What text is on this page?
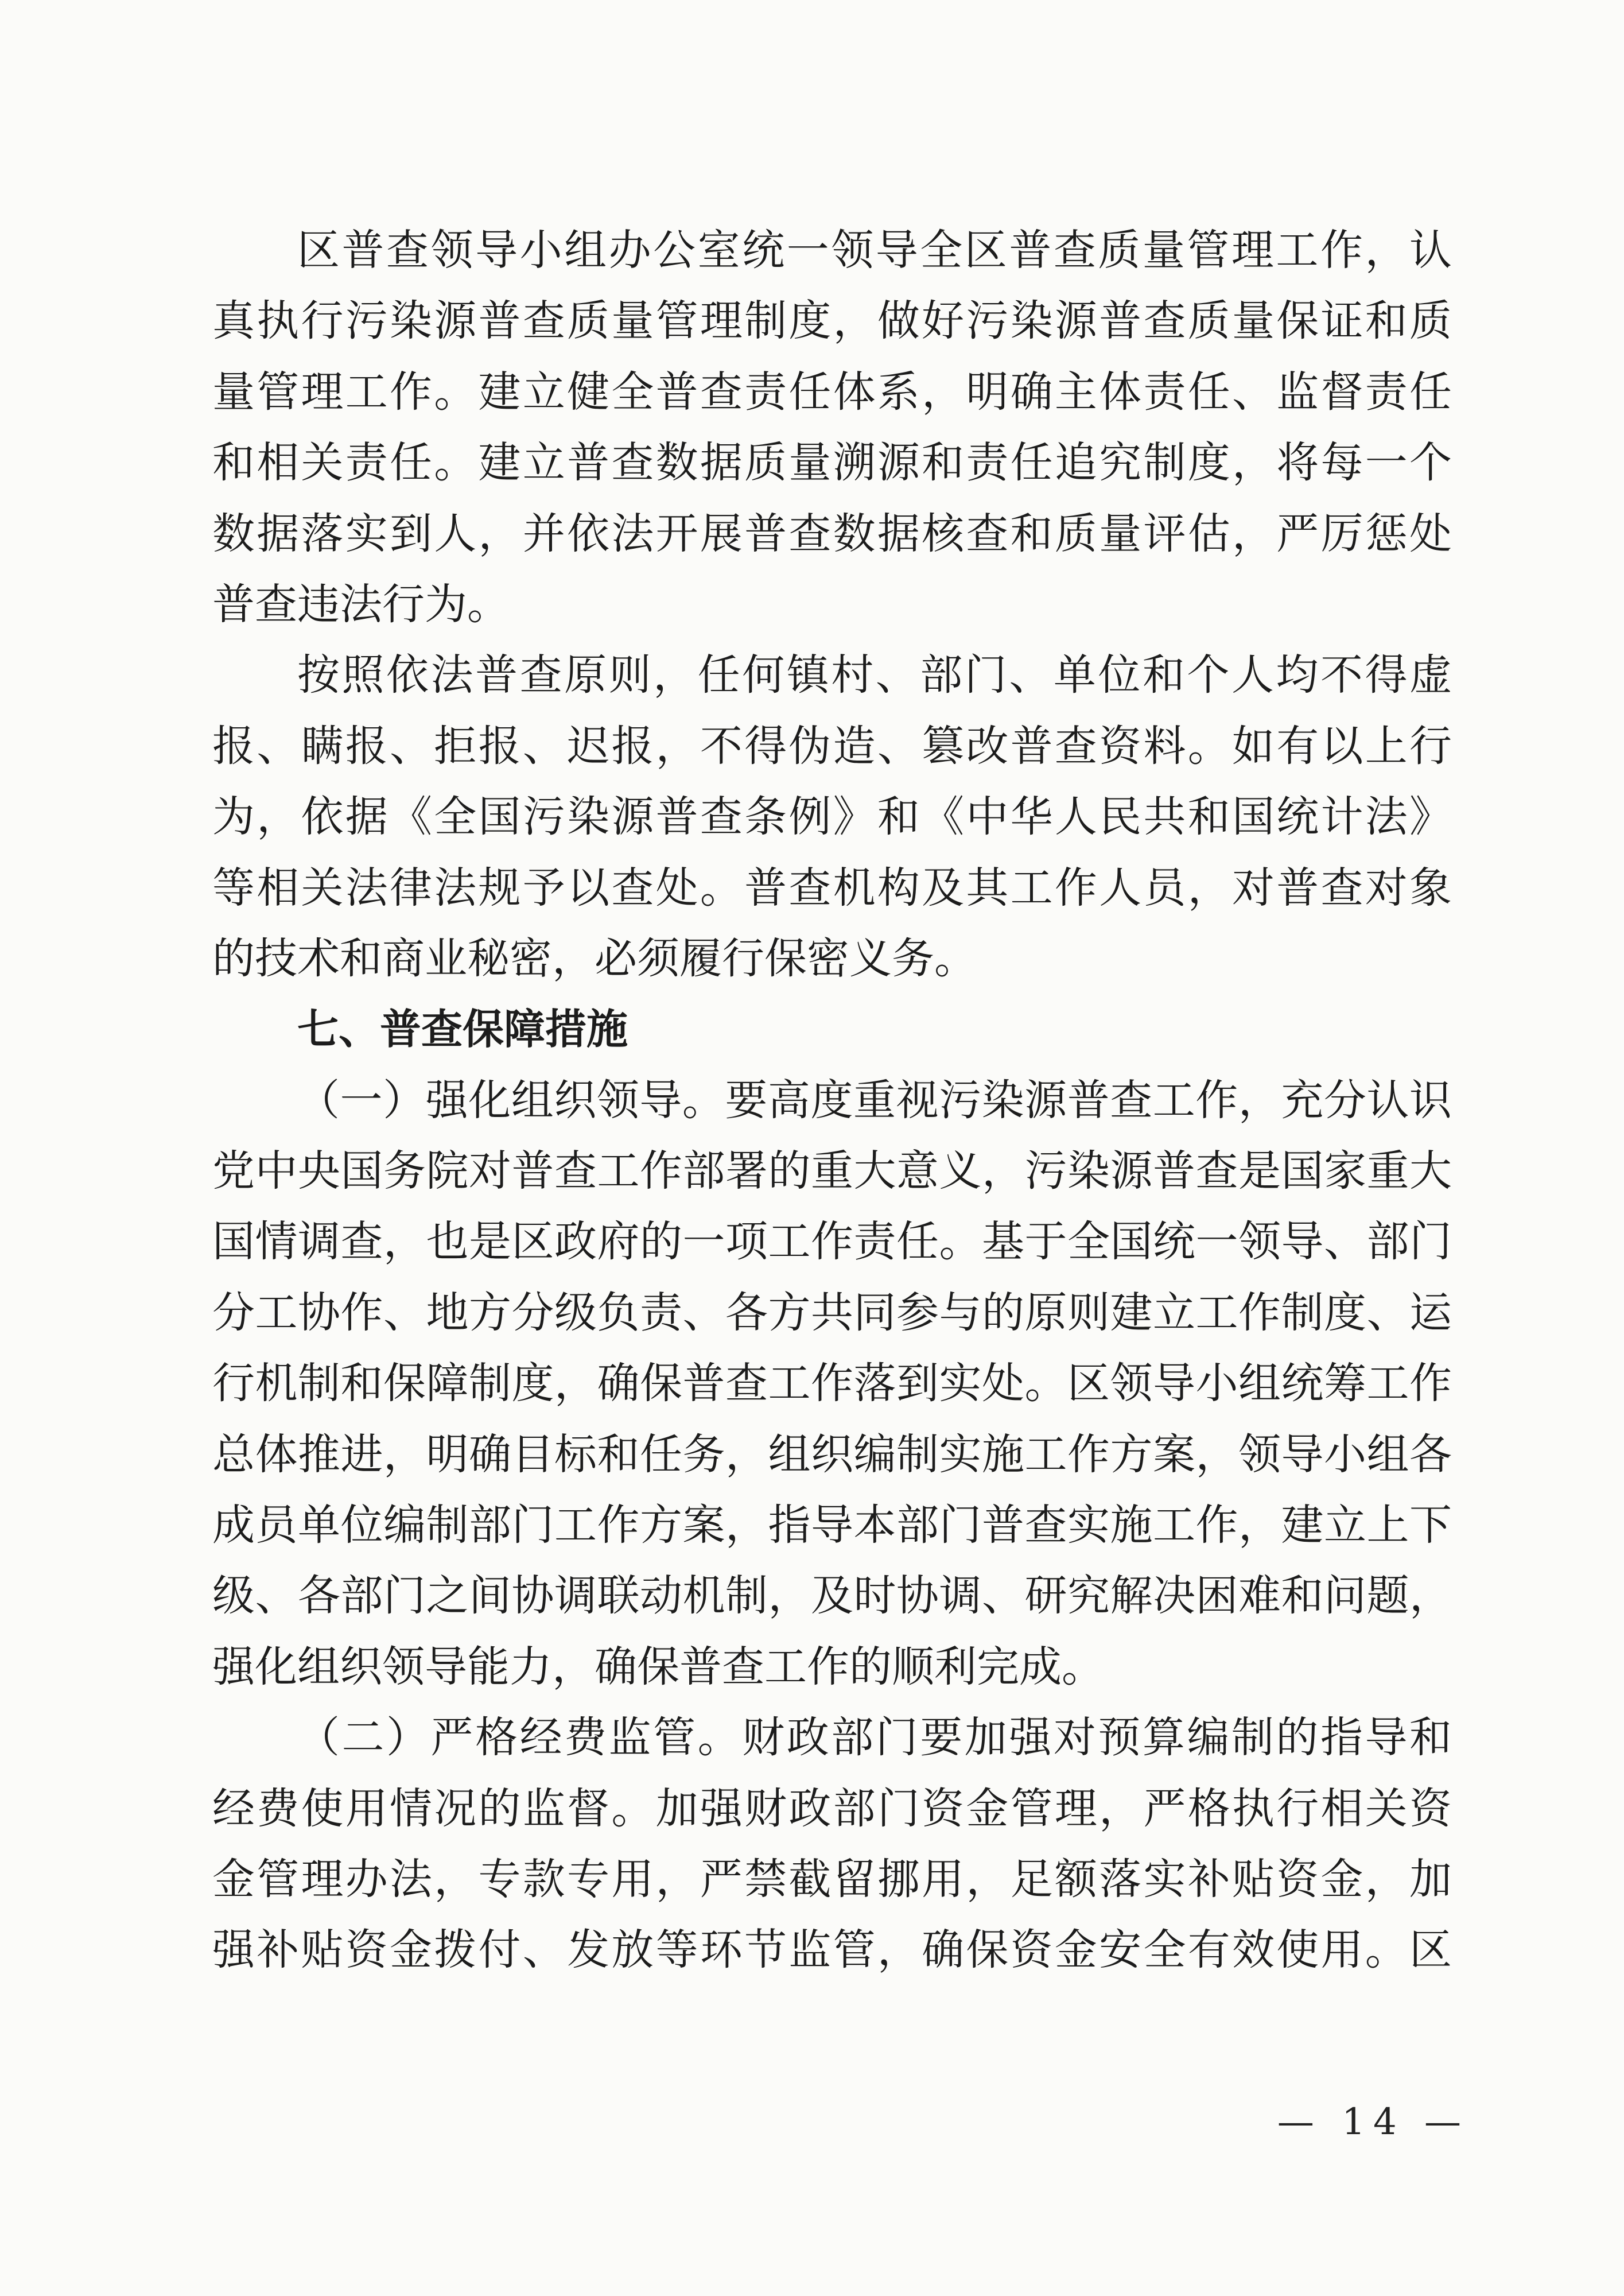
区普查领导小组办公室统一领导全区普查质量管理工作，认
真执行污染源普查质量管理制度，做好污染源普查质量保证和质
量管理工作。建立健全普查责任体系，明确主体责任、监督责任
和相关责任。建立普查数据质量溯源和责任追究制度，将每一个
数据落实到人，并依法开展普查数据核查和质量评估，严厉惩处
普查违法行为。
按照依法普查原则，任何镇村、部门、单位和个人均不得虚
报、瞒报、拒报、迟报，不得伪造、篡改普查资料。如有以上行
为，依据《全国污染源普查条例》和《中华人民共和国统计法》
等相关法律法规予以查处。普查机构及其工作人员，对普查对象
的技术和商业秘密，必须履行保密义务。
七、普查保障措施
（一）强化组织领导。要高度重视污染源普查工作，充分认识
党中央国务院对普查工作部署的重大意义，污染源普查是国家重大
国情调查，也是区政府的一项工作责任。基于全国统一领导、部门
分工协作、地方分级负责、各方共同参与的原则建立工作制度、运
行机制和保障制度，确保普查工作落到实处。区领导小组统筹工作
总体推进，明确目标和任务，组织编制实施工作方案，领导小组各
成员单位编制部门工作方案，指导本部门普查实施工作，建立上下
级、各部门之间协调联动机制，及时协调、研究解决困难和问题，
强化组织领导能力，确保普查工作的顺利完成。
（二）严格经费监管。财政部门要加强对预算编制的指导和
经费使用情况的监督。加强财政部门资金管理，严格执行相关资
金管理办法，专款专用，严禁截留挪用，足额落实补贴资金，加
强补贴资金拨付、发放等环节监管，确保资金安全有效使用。区
— 14 —
